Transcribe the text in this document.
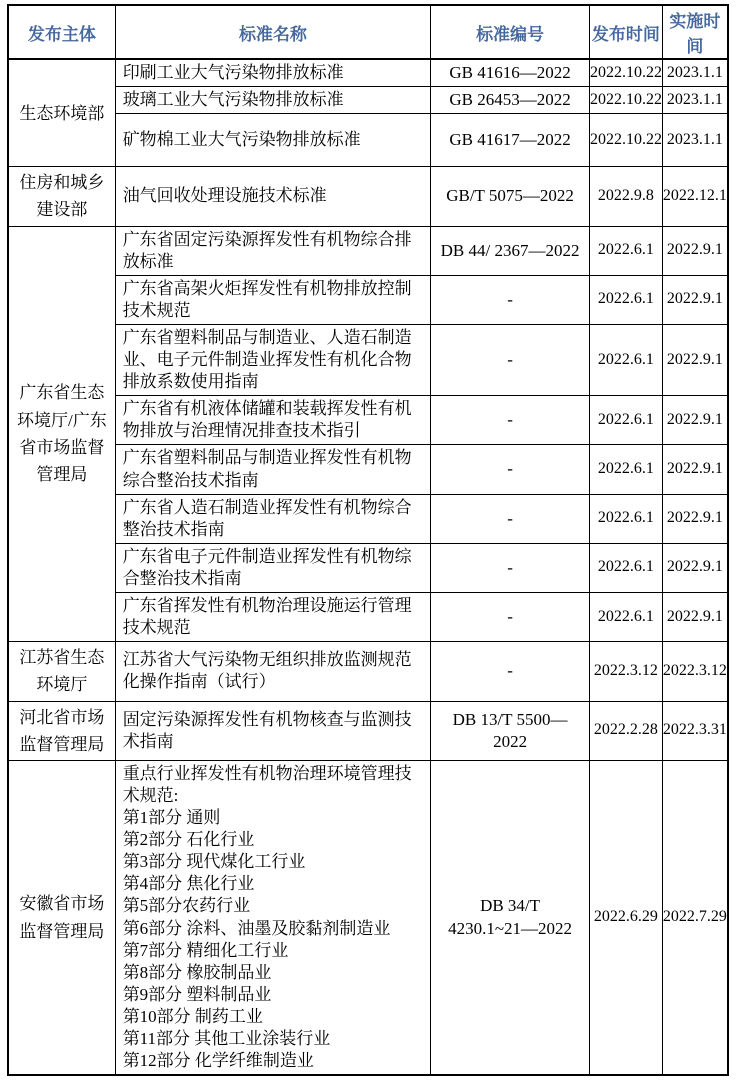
发布主体	标准名称	标准编号	发布时间	实施时间
生态环境部	印刷工业大气污染物排放标准	GB 41616—2022	2022.10.22	2023.1.1
	玻璃工业大气污染物排放标准	GB 26453—2022	2022.10.22	2023.1.1
	矿物棉工业大气污染物排放标准	GB 41617—2022	2022.10.22	2023.1.1
住房和城乡建设部	油气回收处理设施技术标准	GB/T 5075—2022	2022.9.8	2022.12.1
广东省生态
环境厅/广东
省市场监督
管理局	广东省固定污染源挥发性有机物综合排放标准	DB 44/ 2367—2022	2022.6.1	2022.9.1
	广东省高架火炬挥发性有机物排放控制技术规范	-	2022.6.1	2022.9.1
	广东省塑料制品与制造业、人造石制造业、电子元件制造业挥发性有机化合物排放系数使用指南	-	2022.6.1	2022.9.1
	广东省有机液体储罐和装载挥发性有机物排放与治理情况排查技术指引	-	2022.6.1	2022.9.1
	广东省塑料制品与制造业挥发性有机物综合整治技术指南	-	2022.6.1	2022.9.1
	广东省人造石制造业挥发性有机物综合整治技术指南	-	2022.6.1	2022.9.1
	广东省电子元件制造业挥发性有机物综合整治技术指南	-	2022.6.1	2022.9.1
	广东省挥发性有机物治理设施运行管理技术规范	-	2022.6.1	2022.9.1
江苏省生态环境厅	江苏省大气污染物无组织排放监测规范化操作指南（试行）	-	2022.3.12	2022.3.12
河北省市场监督管理局	固定污染源挥发性有机物核查与监测技术指南	DB 13/T 5500—
2022	2022.2.28	2022.3.31
安徽省市场监督管理局	重点行业挥发性有机物治理环境管理技术规范:
第1部分 通则
第2部分 石化行业
第3部分 现代煤化工行业
第4部分 焦化行业
第5部分农药行业
第6部分 涂料、油墨及胶黏剂制造业
第7部分 精细化工行业
第8部分 橡胶制品业
第9部分 塑料制品业
第10部分 制药工业
第11部分 其他工业涂装行业
第12部分 化学纤维制造业	DB 34/T
4230.1~21—2022	2022.6.29	2022.7.29
